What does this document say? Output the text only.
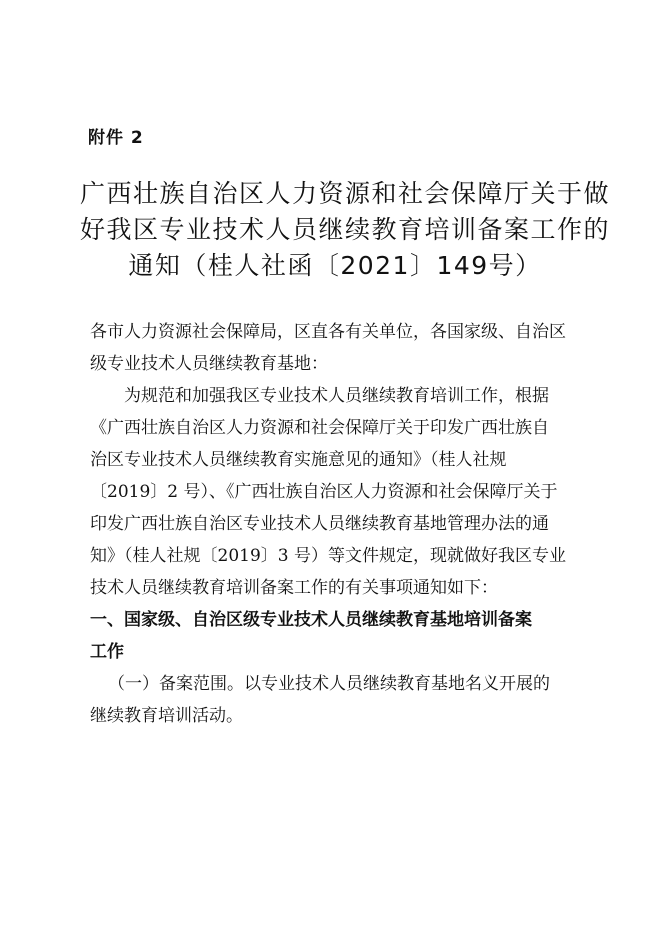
附件 2
广西壮族自治区人力资源和社会保障厅关于做
好我区专业技术人员继续教育培训备案工作的
通知（桂人社函〔2021〕149号）

各市人力资源社会保障局，区直各有关单位，各国家级、自治区
级专业技术人员继续教育基地：

为规范和加强我区专业技术人员继续教育培训工作，根据
《广西壮族自治区人力资源和社会保障厅关于印发广西壮族自
治区专业技术人员继续教育实施意见的通知》（桂人社规
〔2019〕2 号）、《广西壮族自治区人力资源和社会保障厅关于
印发广西壮族自治区专业技术人员继续教育基地管理办法的通
知》（桂人社规〔2019〕3 号）等文件规定，现就做好我区专业
技术人员继续教育培训备案工作的有关事项通知如下：

一、国家级、自治区级专业技术人员继续教育基地培训备案
工作

（一）备案范围。以专业技术人员继续教育基地名义开展的
继续教育培训活动。
